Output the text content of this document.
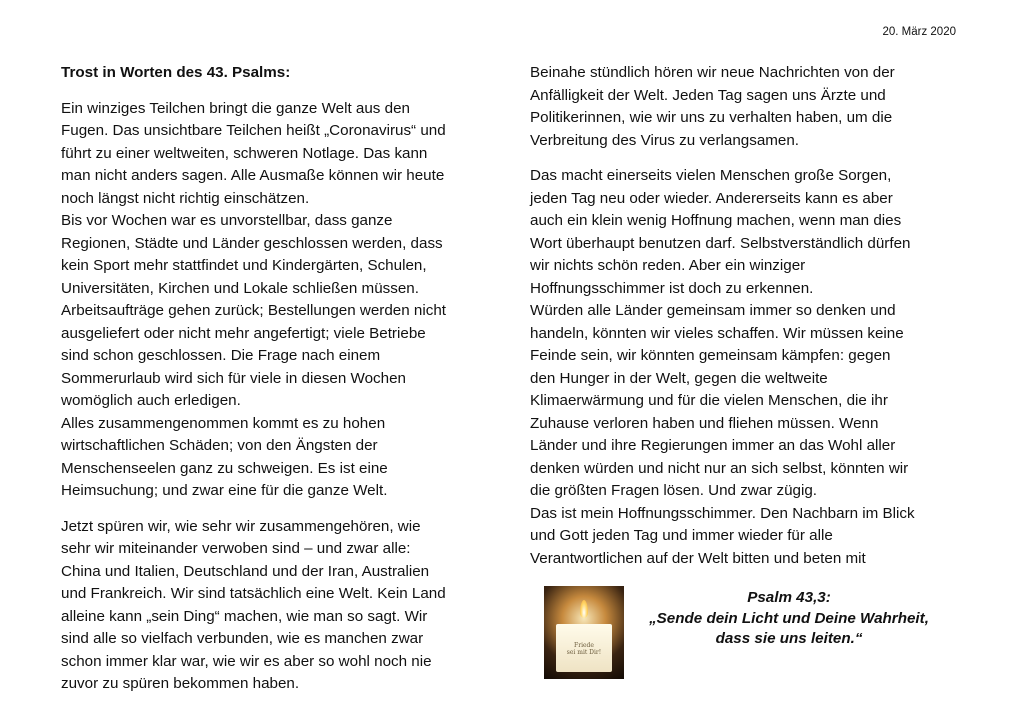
20. März 2020

Trost in Worten des 43. Psalms:

Ein winziges Teilchen bringt die ganze Welt aus den
Fugen. Das unsichtbare Teilchen heißt „Coronavirus“ und
führt zu einer weltweiten, schweren Notlage. Das kann
man nicht anders sagen. Alle Ausmaße können wir heute
noch längst nicht richtig einschätzen.
Bis vor Wochen war es unvorstellbar, dass ganze
Regionen, Städte und Länder geschlossen werden, dass
kein Sport mehr stattfindet und Kindergärten, Schulen,
Universitäten, Kirchen und Lokale schließen müssen.
Arbeitsaufträge gehen zurück; Bestellungen werden nicht
ausgeliefert oder nicht mehr angefertigt; viele Betriebe
sind schon geschlossen. Die Frage nach einem
Sommerurlaub wird sich für viele in diesen Wochen
womöglich auch erledigen.
Alles zusammengenommen kommt es zu hohen
wirtschaftlichen Schäden; von den Ängsten der
Menschenseelen ganz zu schweigen. Es ist eine
Heimsuchung; und zwar eine für die ganze Welt.

Jetzt spüren wir, wie sehr wir zusammengehören, wie
sehr wir miteinander verwoben sind – und zwar alle:
China und Italien, Deutschland und der Iran, Australien
und Frankreich. Wir sind tatsächlich eine Welt. Kein Land
alleine kann „sein Ding“ machen, wie man so sagt. Wir
sind alle so vielfach verbunden, wie es manchen zwar
schon immer klar war, wie wir es aber so wohl noch nie
zuvor zu spüren bekommen haben.

Beinahe stündlich hören wir neue Nachrichten von der
Anfälligkeit der Welt. Jeden Tag sagen uns Ärzte und
Politikerinnen, wie wir uns zu verhalten haben, um die
Verbreitung des Virus zu verlangsamen.

Das macht einerseits vielen Menschen große Sorgen,
jeden Tag neu oder wieder. Andererseits kann es aber
auch ein klein wenig Hoffnung machen, wenn man dies
Wort überhaupt benutzen darf. Selbstverständlich dürfen
wir nichts schön reden. Aber ein winziger
Hoffnungsschimmer ist doch zu erkennen.
Würden alle Länder gemeinsam immer so denken und
handeln, könnten wir vieles schaffen. Wir müssen keine
Feinde sein, wir könnten gemeinsam kämpfen: gegen
den Hunger in der Welt, gegen die weltweite
Klimaerwärmung und für die vielen Menschen, die ihr
Zuhause verloren haben und fliehen müssen. Wenn
Länder und ihre Regierungen immer an das Wohl aller
denken würden und nicht nur an sich selbst, könnten wir
die größten Fragen lösen. Und zwar zügig.
Das ist mein Hoffnungsschimmer. Den Nachbarn im Blick
und Gott jeden Tag und immer wieder für alle
Verantwortlichen auf der Welt bitten und beten mit

Friede
sei mit Dir!

Psalm 43,3:

„Sende dein Licht und Deine Wahrheit,
dass sie uns leiten.“
